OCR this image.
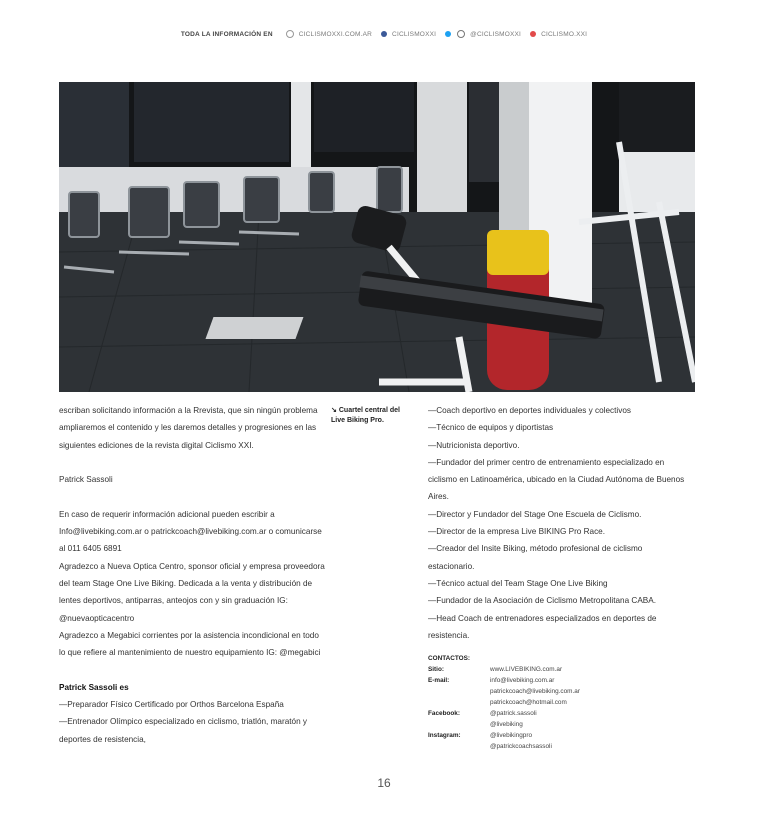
TODA LA INFORMACIÓN EN	CICLISMOXXI.COM.AR	CICLISMOXXI	@CICLISMOXXI	CICLISMO.XXI

escriban solicitando información a la Rrevista, que sin ningún problema ampliaremos el contenido y les daremos detalles y progresiones en las siguientes ediciones de la revista digital Ciclismo XXI.

Patrick Sassoli

En caso de requerir información adicional pueden escribir a Info@livebiking.com.ar o patrickcoach@livebiking.com.ar o comunicarse al 011 6405 6891

Agradezco a Nueva Optica Centro, sponsor oficial y empresa proveedora del team Stage One Live Biking. Dedicada a la venta y distribución de lentes deportivos, antiparras, anteojos con y sin graduación IG: @nuevaopticacentro

Agradezco a Megabici corrientes por la asistencia incondicional en todo lo que refiere al mantenimiento de nuestro equipamiento IG: @megabici

Patrick Sassoli es

—Preparador Físico Certificado por Orthos Barcelona España

—Entrenador Olímpico especializado en ciclismo, triatlón, maratón y deportes de resistencia,

↘ Cuartel central del Live Biking Pro.

—Coach deportivo en deportes individuales y colectivos

—Técnico de equipos y diportistas

—Nutricionista deportivo.

—Fundador del primer centro de entrenamiento especializado en ciclismo en Latinoamérica, ubicado en la Ciudad Autónoma de Buenos Aires.

—Director y Fundador del Stage One Escuela de Ciclismo.

—Director de la empresa Live BIKING Pro Race.

—Creador del Insite Biking, método profesional de ciclismo estacionario.

—Técnico actual del Team Stage One Live Biking

—Fundador de la Asociación de Ciclismo Metropolitana CABA.

—Head Coach de entrenadores especializados en deportes de resistencia.

CONTACTOS:
Sitio:	www.LIVEBIKING.com.ar
E-mail:	info@livebiking.com.ar
patrickcoach@livebiking.com.ar
patrickcoach@hotmail.com
Facebook:	@patrick.sassoli
@livebiking
Instagram:	@livebikingpro
@patrickcoachsassoli
16
